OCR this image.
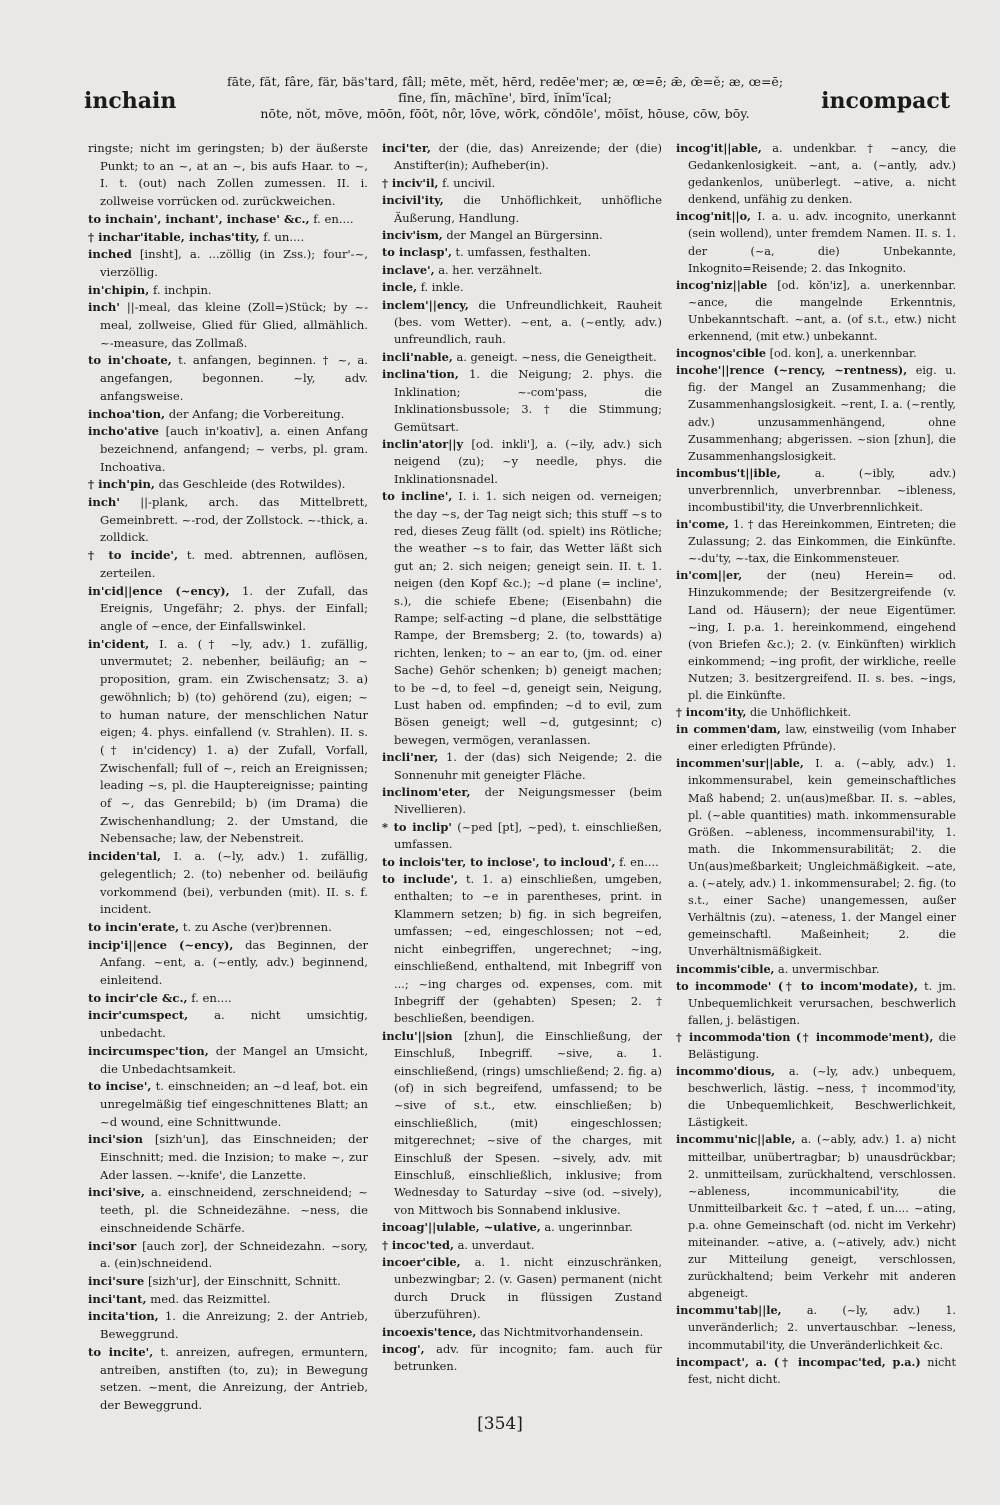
inchain
fāte, făt, fâre, fär, bäs'tard, fâll; mēte, mĕt, hērd, redēe'mer; æ, œ=ē; ǣ, œ̄=ĕ; æ, œ=ē;
fīne, fĭn, māchīne', bīrd, ĭnĭm'ĭcal;
nōte, nŏt, mōve, mōōn, fōōt, nôr, lōve, wōrk, cŏndōle', mōĭst, hōuse, cōw, bōy.	incompact

ringste; nicht im geringsten; b) der äußerste Punkt; to an ~, at an ~, bis aufs Haar. to ~, I. t. (out) nach Zollen zumessen. II. i. zollweise vorrücken od. zurückweichen.

to inchain', inchant', inchase' &c., f. en....

† inchar'itable, inchas'tity, f. un....

inched [insht], a. ...zöllig (in Zss.); four'-~, vierzöllig.

in'chipin, f. inchpin.

inch' ||-meal, das kleine (Zoll=)Stück; by ~-meal, zollweise, Glied für Glied, allmählich. ~-measure, das Zollmaß.

to in'choate, t. anfangen, beginnen. † ~, a. angefangen, begonnen. ~ly, adv. anfangsweise.

inchoa'tion, der Anfang; die Vorbereitung.

incho'ative [auch in'koativ], a. einen Anfang bezeichnend, anfangend; ~ verbs, pl. gram. Inchoativa.

† inch'pin, das Geschleide (des Rotwildes).

inch' ||-plank, arch. das Mittelbrett, Gemeinbrett. ~-rod, der Zollstock. ~-thick, a. zolldick.

† to incide', t. med. abtrennen, auflösen, zerteilen.

in'cid||ence (~ency), 1. der Zufall, das Ereignis, Ungefähr; 2. phys. der Einfall; angle of ~ence, der Einfallswinkel.

in'cident, I. a. († ~ly, adv.) 1. zufällig, unvermutet; 2. nebenher, beiläufig; an ~ proposition, gram. ein Zwischensatz; 3. a) gewöhnlich; b) (to) gehörend (zu), eigen; ~ to human nature, der menschlichen Natur eigen; 4. phys. einfallend (v. Strahlen). II. s. († in'cidency) 1. a) der Zufall, Vorfall, Zwischenfall; full of ~, reich an Ereignissen; leading ~s, pl. die Hauptereignisse; painting of ~, das Genrebild; b) (im Drama) die Zwischenhandlung; 2. der Umstand, die Nebensache; law, der Nebenstreit.

inciden'tal, I. a. (~ly, adv.) 1. zufällig, gelegentlich; 2. (to) nebenher od. beiläufig vorkommend (bei), verbunden (mit). II. s. f. incident.

to incin'erate, t. zu Asche (ver)brennen.

incip'i||ence (~ency), das Beginnen, der Anfang. ~ent, a. (~ently, adv.) beginnend, einleitend.

to incir'cle &c., f. en....

incir'cumspect, a. nicht umsichtig, unbedacht.

incircumspec'tion, der Mangel an Umsicht, die Unbedachtsamkeit.

to incise', t. einschneiden; an ~d leaf, bot. ein unregelmäßig tief eingeschnittenes Blatt; an ~d wound, eine Schnittwunde.

inci'sion [sizh'un], das Einschneiden; der Einschnitt; med. die Inzision; to make ~, zur Ader lassen. ~-knife', die Lanzette.

inci'sive, a. einschneidend, zerschneidend; ~ teeth, pl. die Schneidezähne. ~ness, die einschneidende Schärfe.

inci'sor [auch zor], der Schneidezahn. ~sory, a. (ein)schneidend.

inci'sure [sizh'ur], der Einschnitt, Schnitt.

inci'tant, med. das Reizmittel.

incita'tion, 1. die Anreizung; 2. der Antrieb, Beweggrund.

to incite', t. anreizen, aufregen, ermuntern, antreiben, anstiften (to, zu); in Bewegung setzen. ~ment, die Anreizung, der Antrieb, der Beweggrund.

inci'ter, der (die, das) Anreizende; der (die) Anstifter(in); Aufheber(in).

† inciv'il, f. uncivil.

incivil'ity, die Unhöflichkeit, unhöfliche Äußerung, Handlung.

inciv'ism, der Mangel an Bürgersinn.

to inclasp', t. umfassen, festhalten.

inclave', a. her. verzähnelt.

incle, f. inkle.

inclem'||ency, die Unfreundlichkeit, Rauheit (bes. vom Wetter). ~ent, a. (~ently, adv.) unfreundlich, rauh.

incli'nable, a. geneigt. ~ness, die Geneigtheit.

inclina'tion, 1. die Neigung; 2. phys. die Inklination; ~-com'pass, die Inklinationsbussole; 3. † die Stimmung; Gemütsart.

inclin'ator||y [od. inkli'], a. (~ily, adv.) sich neigend (zu); ~y needle, phys. die Inklinationsnadel.

to incline', I. i. 1. sich neigen od. verneigen; the day ~s, der Tag neigt sich; this stuff ~s to red, dieses Zeug fällt (od. spielt) ins Rötliche; the weather ~s to fair, das Wetter läßt sich gut an; 2. sich neigen; geneigt sein. II. t. 1. neigen (den Kopf &c.); ~d plane (= incline', s.), die schiefe Ebene; (Eisenbahn) die Rampe; self-acting ~d plane, die selbsttätige Rampe, der Bremsberg; 2. (to, towards) a) richten, lenken; to ~ an ear to, (jm. od. einer Sache) Gehör schenken; b) geneigt machen; to be ~d, to feel ~d, geneigt sein, Neigung, Lust haben od. empfinden; ~d to evil, zum Bösen geneigt; well ~d, gutgesinnt; c) bewegen, vermögen, veranlassen.

incli'ner, 1. der (das) sich Neigende; 2. die Sonnenuhr mit geneigter Fläche.

inclinom'eter, der Neigungsmesser (beim Nivellieren).

* to inclip' (~ped [pt], ~ped), t. einschließen, umfassen.

to inclois'ter, to inclose', to incloud', f. en....

to include', t. 1. a) einschließen, umgeben, enthalten; to ~e in parentheses, print. in Klammern setzen; b) fig. in sich begreifen, umfassen; ~ed, eingeschlossen; not ~ed, nicht einbegriffen, ungerechnet; ~ing, einschließend, enthaltend, mit Inbegriff von ...; ~ing charges od. expenses, com. mit Inbegriff der (gehabten) Spesen; 2. † beschließen, beendigen.

inclu'||sion [zhun], die Einschließung, der Einschluß, Inbegriff. ~sive, a. 1. einschließend, (rings) umschließend; 2. fig. a) (of) in sich begreifend, umfassend; to be ~sive of s.t., etw. einschließen; b) einschließlich, (mit) eingeschlossen; mitgerechnet; ~sive of the charges, mit Einschluß der Spesen. ~sively, adv. mit Einschluß, einschließlich, inklusive; from Wednesday to Saturday ~sive (od. ~sively), von Mittwoch bis Sonnabend inklusive.

incoag'||ulable, ~ulative, a. ungerinnbar.

† incoc'ted, a. unverdaut.

incoer'cible, a. 1. nicht einzuschränken, unbezwingbar; 2. (v. Gasen) permanent (nicht durch Druck in flüssigen Zustand überzuführen).

incoexis'tence, das Nichtmitvorhandensein.

incog', adv. für incognito; fam. auch für betrunken.

incog'it||able, a. undenkbar. † ~ancy, die Gedankenlosigkeit. ~ant, a. (~antly, adv.) gedankenlos, unüberlegt. ~ative, a. nicht denkend, unfähig zu denken.

incog'nit||o, I. a. u. adv. incognito, unerkannt (sein wollend), unter fremdem Namen. II. s. 1. der (~a, die) Unbekannte, Inkognito=Reisende; 2. das Inkognito.

incog'niz||able [od. kŏn'iz], a. unerkennbar. ~ance, die mangelnde Erkenntnis, Unbekanntschaft. ~ant, a. (of s.t., etw.) nicht erkennend, (mit etw.) unbekannt.

incognos'cible [od. kon], a. unerkennbar.

incohe'||rence (~rency, ~rentness), eig. u. fig. der Mangel an Zusammenhang; die Zusammenhangslosigkeit. ~rent, I. a. (~rently, adv.) unzusammenhängend, ohne Zusammenhang; abgerissen. ~sion [zhun], die Zusammenhangslosigkeit.

incombus't||ible,	a. (~ibly, adv.) unverbrennlich, unverbrennbar. ~ibleness, incombustibil'ity, die Unverbrennlichkeit.

in'come, 1. † das Hereinkommen, Eintreten; die Zulassung; 2. das Einkommen, die Einkünfte. ~-du'ty, ~-tax, die Einkommensteuer.

in'com||er, der (neu) Herein= od. Hinzukommende; der Besitzergreifende (v. Land od. Häusern); der neue Eigentümer. ~ing, I. p.a. 1. hereinkommend, eingehend (von Briefen &c.); 2. (v. Einkünften) wirklich einkommend; ~ing profit, der wirkliche, reelle Nutzen; 3. besitzergreifend. II. s. bes. ~ings, pl. die Einkünfte.

† incom'ity, die Unhöflichkeit.

in commen'dam, law, einstweilig (vom Inhaber einer erledigten Pfründe).

incommen'sur||able, I. a. (~ably, adv.) 1. inkommensurabel, kein gemeinschaftliches Maß habend; 2. un(aus)meßbar. II. s. ~ables, pl. (~able quantities) math. inkommensurable Größen. ~ableness, incommensurabil'ity, 1. math. die Inkommensurabilität; 2. die Un(aus)meßbarkeit; Ungleichmäßigkeit. ~ate, a. (~ately, adv.) 1. inkommensurabel; 2. fig. (to s.t., einer Sache) unangemessen, außer Verhältnis (zu). ~ateness, 1. der Mangel einer gemeinschaftl. Maßeinheit; 2. die Unverhältnismäßigkeit.

incommis'cible, a. unvermischbar.

to incommode' († to incom'modate), t. jm. Unbequemlichkeit verursachen, beschwerlich fallen, j. belästigen.

† incommoda'tion († incommode'ment), die Belästigung.

incommo'dious, a. (~ly, adv.) unbequem, beschwerlich, lästig. ~ness, † incommod'ity, die Unbequemlichkeit, Beschwerlichkeit, Lästigkeit.

incommu'nic||able, a. (~ably, adv.) 1. a) nicht mitteilbar, unübertragbar; b) unausdrückbar; 2. unmitteilsam, zurückhaltend, verschlossen. ~ableness, incommunicabil'ity, die Unmitteilbarkeit &c. † ~ated, f. un.... ~ating, p.a. ohne Gemeinschaft (od. nicht im Verkehr) miteinander. ~ative, a. (~atively, adv.) nicht zur Mitteilung geneigt, verschlossen, zurückhaltend; beim Verkehr mit anderen abgeneigt.

incommu'tab||le, a. (~ly, adv.) 1. unveränderlich; 2. unvertauschbar. ~leness, incommutabil'ity, die Unveränderlichkeit &c.

incompact', a. († incompac'ted, p.a.) nicht fest, nicht dicht.

[354]
